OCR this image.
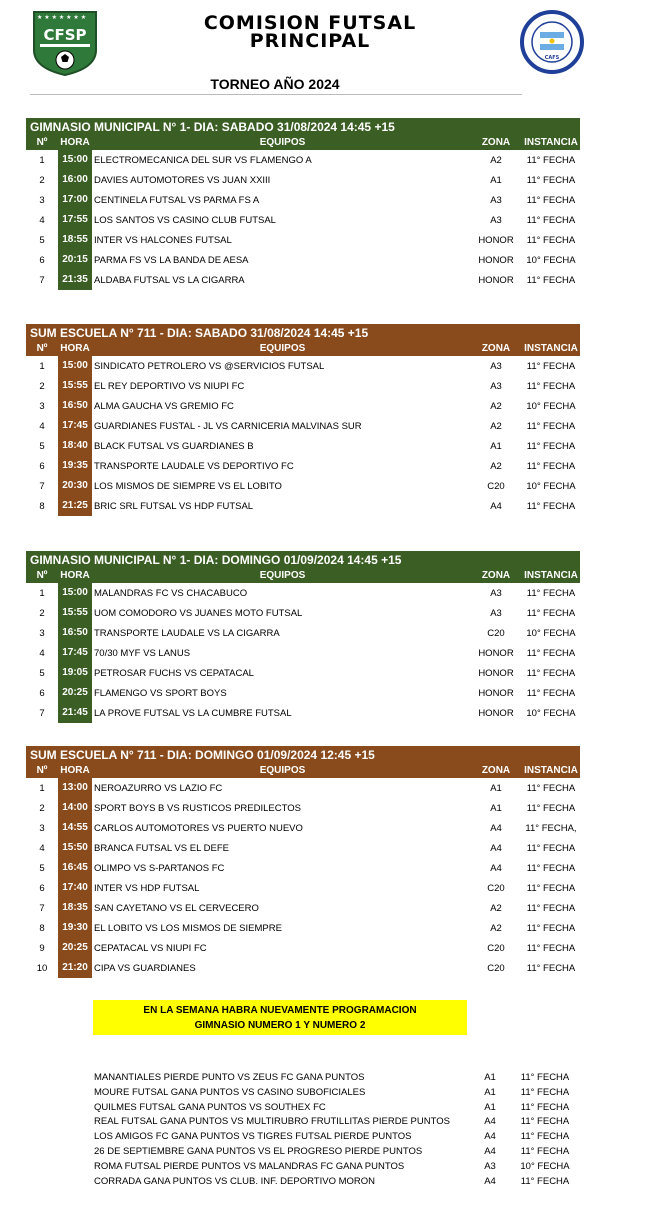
★ ★ ★ ★ ★ ★ ★
CFSP
COMISION FUTSAL
PRINCIPAL
CAFS
TORNEO AÑO 2024
GIMNASIO MUNICIPAL N° 1- DIA: SABADO 31/08/2024 14:45 +15
Nº	HORA	EQUIPOS	ZONA	INSTANCIA
1	15:00 ELECTROMECANICA DEL SUR VS FLAMENGO A	A2	11° FECHA
2	16:00 DAVIES AUTOMOTORES VS JUAN XXIII	A1	11° FECHA
3	17:00 CENTINELA FUTSAL VS PARMA FS A	A3	11° FECHA
4	17:55 LOS SANTOS VS CASINO CLUB FUTSAL	A3	11° FECHA
5	18:55 INTER VS HALCONES FUTSAL	HONOR	11° FECHA
6	20:15 PARMA FS VS LA BANDA DE AESA	HONOR	10° FECHA
7	21:35 ALDABA FUTSAL VS LA CIGARRA	HONOR	11° FECHA
SUM ESCUELA N° 711 - DIA: SABADO 31/08/2024 14:45 +15
Nº	HORA	EQUIPOS	ZONA	INSTANCIA
1	15:00 SINDICATO PETROLERO VS @SERVICIOS FUTSAL	A3	11° FECHA
2	15:55 EL REY DEPORTIVO VS NIUPI FC	A3	11° FECHA
3	16:50 ALMA GAUCHA VS GREMIO FC	A2	10° FECHA
4	17:45 GUARDIANES FUSTAL - JL VS CARNICERIA MALVINAS SUR	A2	11° FECHA
5	18:40 BLACK FUTSAL VS GUARDIANES B	A1	11° FECHA
6	19:35 TRANSPORTE LAUDALE VS DEPORTIVO FC	A2	11° FECHA
7	20:30 LOS MISMOS DE SIEMPRE VS EL LOBITO	C20	10° FECHA
8	21:25 BRIC SRL FUTSAL VS HDP FUTSAL	A4	11° FECHA
GIMNASIO MUNICIPAL N° 1- DIA: DOMINGO 01/09/2024 14:45 +15
Nº	HORA	EQUIPOS	ZONA	INSTANCIA
1	15:00 MALANDRAS FC VS CHACABUCO	A3	11° FECHA
2	15:55 UOM COMODORO VS JUANES MOTO FUTSAL	A3	11° FECHA
3	16:50 TRANSPORTE LAUDALE VS LA CIGARRA	C20	10° FECHA
4	17:45 70/30 MYF VS LANUS	HONOR	11° FECHA
5	19:05 PETROSAR FUCHS VS CEPATACAL	HONOR	11° FECHA
6	20:25 FLAMENGO VS SPORT BOYS	HONOR	11° FECHA
7	21:45 LA PROVE FUTSAL VS LA CUMBRE FUTSAL	HONOR	10° FECHA
SUM ESCUELA N° 711 - DIA: DOMINGO 01/09/2024 12:45 +15
Nº	HORA	EQUIPOS	ZONA	INSTANCIA
1	13:00 NEROAZURRO VS LAZIO FC	A1	11° FECHA
2	14:00 SPORT BOYS B VS RUSTICOS PREDILECTOS	A1	11° FECHA
3	14:55 CARLOS AUTOMOTORES VS PUERTO NUEVO	A4	11° FECHA,
4	15:50 BRANCA FUTSAL VS EL DEFE	A4	11° FECHA
5	16:45 OLIMPO VS S-PARTANOS FC	A4	11° FECHA
6	17:40 INTER VS HDP FUTSAL	C20	11° FECHA
7	18:35 SAN CAYETANO VS EL CERVECERO	A2	11° FECHA
8	19:30 EL LOBITO VS LOS MISMOS DE SIEMPRE	A2	11° FECHA
9	20:25 CEPATACAL VS NIUPI FC	C20	11° FECHA
10	21:20 CIPA VS GUARDIANES	C20	11° FECHA
EN LA SEMANA HABRA NUEVAMENTE PROGRAMACION
GIMNASIO NUMERO 1 Y NUMERO 2
MANANTIALES PIERDE PUNTO VS ZEUS FC GANA PUNTOS	A1	11° FECHA
MOURE FUTSAL GANA PUNTOS VS CASINO SUBOFICIALES	A1	11° FECHA
QUILMES FUTSAL GANA PUNTOS VS SOUTHEX FC	A1	11° FECHA
REAL FUTSAL GANA PUNTOS VS MULTIRUBRO FRUTILLITAS PIERDE PUNTOS	A4	11° FECHA
LOS AMIGOS FC GANA PUNTOS VS TIGRES FUTSAL PIERDE PUNTOS	A4	11° FECHA
26 DE SEPTIEMBRE GANA PUNTOS VS EL PROGRESO PIERDE PUNTOS	A4	11° FECHA
ROMA FUTSAL PIERDE PUNTOS VS MALANDRAS FC GANA PUNTOS	A3	10° FECHA
CORRADA GANA PUNTOS VS CLUB. INF. DEPORTIVO MORON	A4	11° FECHA
